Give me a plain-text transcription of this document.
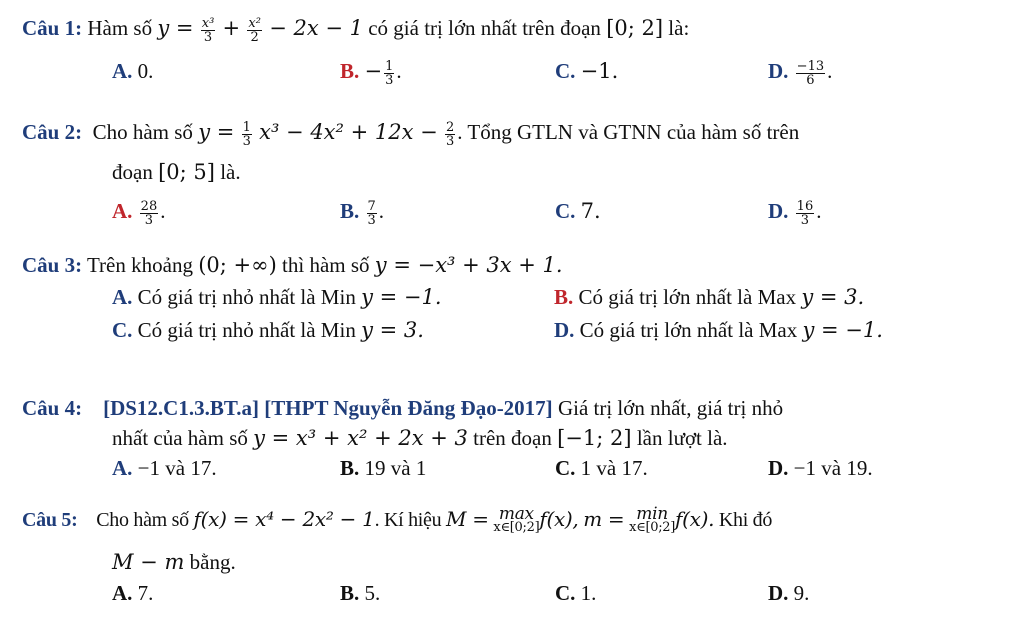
Câu 1: Hàm số $y = \frac{\text{x³}}{3} + \frac{\text{x²}}{2} - 2x - 1$ có giá trị lớn nhất trên đoạn [0; 2] là:
A. 0.	B. − $\frac{1}{3}$ .	C. −1.	D. $\frac{-13}{6}$ .
Câu 2: Cho hàm số $y = \frac{1}{3} x^3 - 4x^2 + 12x - \frac{2}{3}$ . Tổng GTLN và GTNN của hàm số trên
đoạn [0; 5] là.
A. $\frac{28}{3}$ .	B. $\frac{7}{3}$ .	C. 7.	D. $\frac{16}{3}$ .
Câu 3: Trên khoảng (0; +∞) thì hàm số y = −x³ + 3x + 1.
A. Có giá trị nhỏ nhất là Min y = −1.	B. Có giá trị lớn nhất là Max y = 3.
C. Có giá trị nhỏ nhất là Min y = 3.	D. Có giá trị lớn nhất là Max y = −1.
Câu 4: [DS12.C1.3.BT.a] [THPT Nguyễn Đăng Đạo-2017] Giá trị lớn nhất, giá trị nhỏ
nhất của hàm số y = x³ + x² + 2x + 3 trên đoạn [−1; 2] lần lượt là.
A. −1 và 17.	B. 19 và 1	C. 1 và 17.	D. −1 và 19.
Câu 5: Cho hàm số f(x) = x⁴ − 2x² − 1. Kí hiệu M = max
x∈[0;2] f(x), m = min
x∈[0;2] f(x). Khi đó
M − m bằng.
A. 7.	B. 5.	C. 1.	D. 9.
